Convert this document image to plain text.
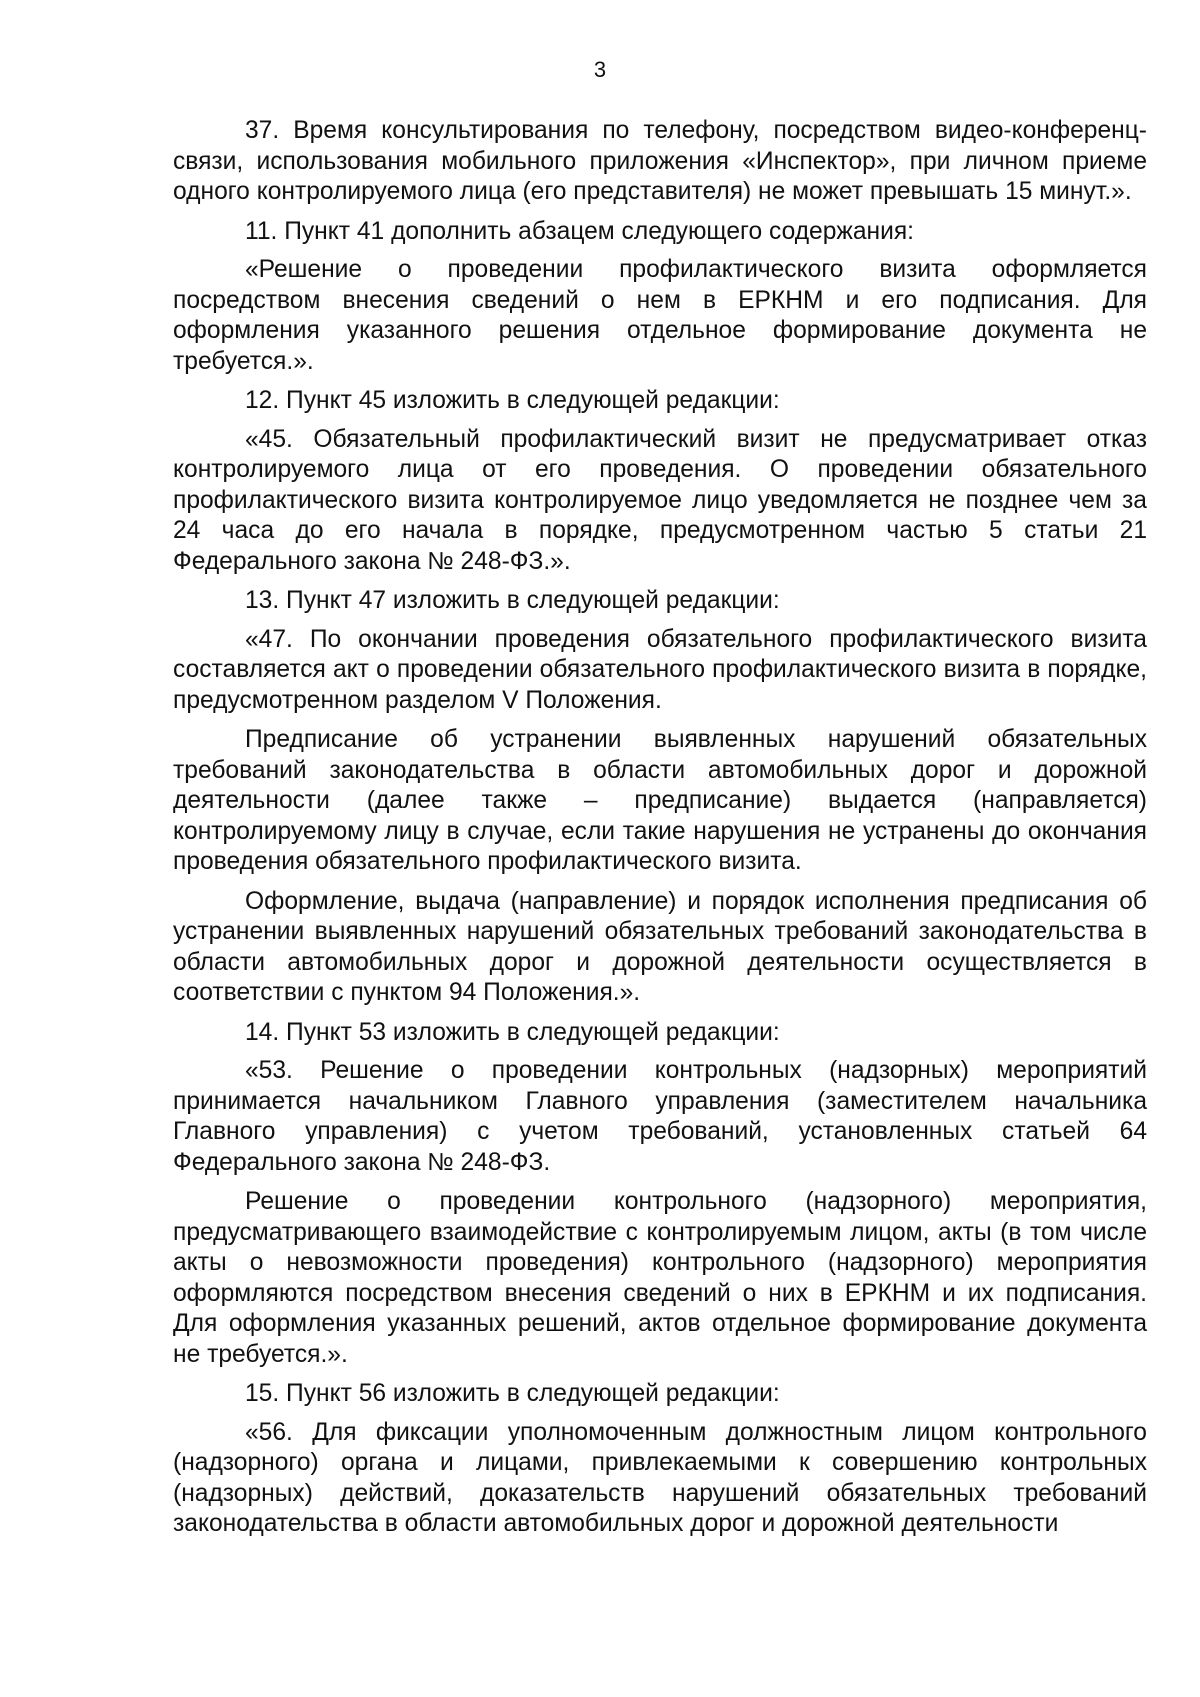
3

37. Время консультирования по телефону, посредством видео-конференц-связи, использования мобильного приложения «Инспектор», при личном приеме одного контролируемого лица (его представителя) не может превышать 15 минут.».

11. Пункт 41 дополнить абзацем следующего содержания:

«Решение о проведении профилактического визита оформляется посредством внесения сведений о нем в ЕРКНМ и его подписания. Для оформления указанного решения отдельное формирование документа не требуется.».

12. Пункт 45 изложить в следующей редакции:

«45. Обязательный профилактический визит не предусматривает отказ контролируемого лица от его проведения. О проведении обязательного профилактического визита контролируемое лицо уведомляется не позднее чем за 24 часа до его начала в порядке, предусмотренном частью 5 статьи 21 Федерального закона № 248-ФЗ.».

13. Пункт 47 изложить в следующей редакции:

«47. По окончании проведения обязательного профилактического визита составляется акт о проведении обязательного профилактического визита в порядке, предусмотренном разделом V Положения.

Предписание об устранении выявленных нарушений обязательных требований законодательства в области автомобильных дорог и дорожной деятельности (далее также – предписание) выдается (направляется) контролируемому лицу в случае, если такие нарушения не устранены до окончания проведения обязательного профилактического визита.

Оформление, выдача (направление) и порядок исполнения предписания об устранении выявленных нарушений обязательных требований законодательства в области автомобильных дорог и дорожной деятельности осуществляется в соответствии с пунктом 94 Положения.».

14. Пункт 53 изложить в следующей редакции:

«53. Решение о проведении контрольных (надзорных) мероприятий принимается начальником Главного управления (заместителем начальника Главного управления) с учетом требований, установленных статьей 64 Федерального закона № 248-ФЗ.

Решение о проведении контрольного (надзорного) мероприятия, предусматривающего взаимодействие с контролируемым лицом, акты (в том числе акты о невозможности проведения) контрольного (надзорного) мероприятия оформляются посредством внесения сведений о них в ЕРКНМ и их подписания. Для оформления указанных решений, актов отдельное формирование документа не требуется.».

15. Пункт 56 изложить в следующей редакции:

«56. Для фиксации уполномоченным должностным лицом контрольного (надзорного) органа и лицами, привлекаемыми к совершению контрольных (надзорных) действий, доказательств нарушений обязательных требований законодательства в области автомобильных дорог и дорожной деятельности
